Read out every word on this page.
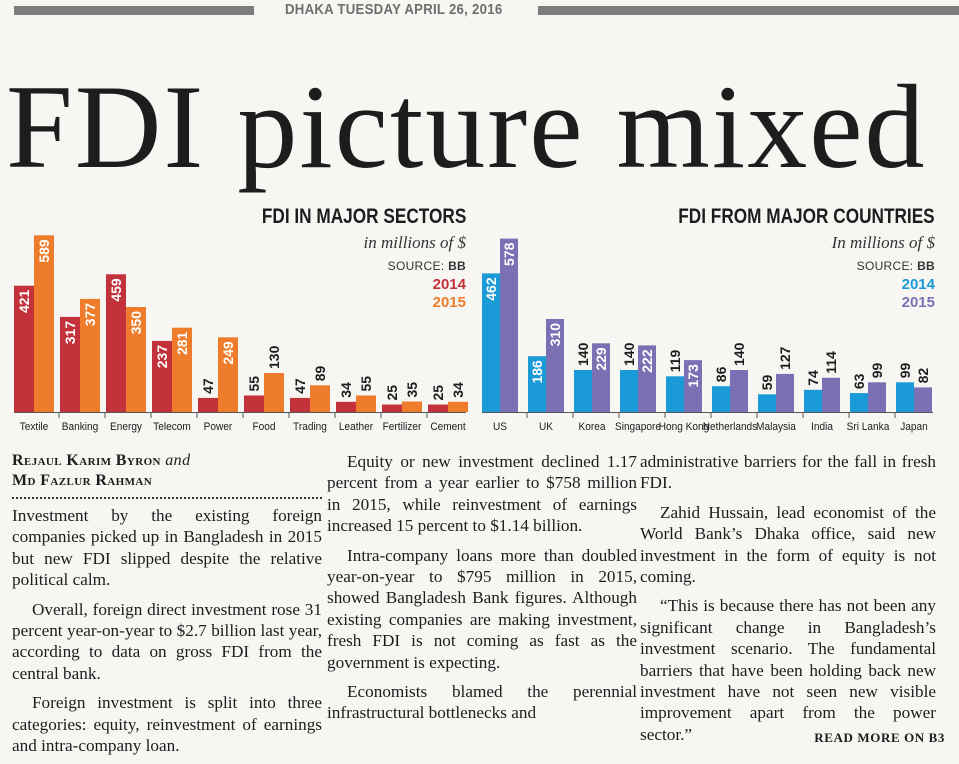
DHAKA TUESDAY APRIL 26, 2016
FDI picture mixed
FDI IN MAJOR SECTORS
in millions of $
SOURCE: BB
2014
2015
FDI FROM MAJOR COUNTRIES
In millions of $
SOURCE: BB
2014
2015
421
589
Textile
317
377
Banking
459
350
Energy
237
281
Telecom
47
249
Power
55
130
Food
47
89
Trading
34 55
Leather
25 35
Fertilizer
25 34
Cement
462
578
US
186
310
UK
140 229
Korea
140 222
Singapore
119
173
Hong Kong
86
140
Netherlands
59
127
Malaysia
74
114
India
63
99
Sri Lanka
99 82
Japan
Rejaul Karim Byron and
Md Fazlur Rahman

Investment by the existing foreign companies picked up in Bangladesh in 2015 but new FDI slipped despite the relative political calm.

Overall, foreign direct investment rose 31 percent year-on-year to $2.7 billion last year, according to data on gross FDI from the central bank.

Foreign investment is split into three categories: equity, reinvestment of earnings and intra-company loan.

Equity or new investment declined 1.17 percent from a year earlier to $758 million in 2015, while reinvestment of earnings increased 15 percent to $1.14 billion.

Intra-company loans more than doubled year-on-year to $795 million in 2015, showed Bangladesh Bank figures. Although existing companies are making investment, fresh FDI is not coming as fast as the government is expecting.

Economists blamed the perennial infrastructural bottlenecks and

administrative barriers for the fall in fresh FDI.

Zahid Hussain, lead economist of the World Bank’s Dhaka office, said new investment in the form of equity is not coming.

“This is because there has not been any significant change in Bangladesh’s investment scenario. The fundamental barriers that have been holding back new investment have not seen new visible improvement apart from the power sector.”	READ MORE ON B3
